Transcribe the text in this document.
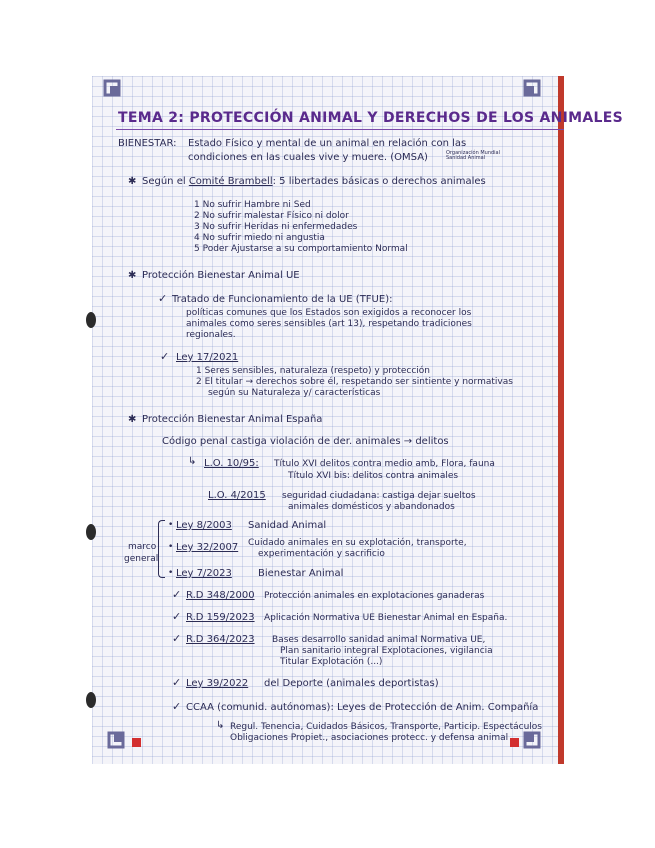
TEMA 2: PROTECCIÓN ANIMAL Y DERECHOS DE LOS ANIMALES
BIENESTAR: Estado Físico y mental de un animal en relación con las
condiciones en las cuales vive y muere. (OMSA)	Organización Mundial Sanidad Animal
✱ Según el Comité Brambell: 5 libertades básicas o derechos animales
1 No sufrir Hambre ni Sed
2 No sufrir malestar Físico ni dolor
3 No sufrir Heridas ni enfermedades
4 No sufrir miedo ni angustia
5 Poder Ajustarse a su comportamiento Normal
✱ Protección Bienestar Animal UE
✓ Tratado de Funcionamiento de la UE (TFUE):
políticas comunes que los Estados son exigidos a reconocer los
animales como seres sensibles (art 13), respetando tradiciones
regionales.
✓ Ley 17/2021
1 Seres sensibles, naturaleza (respeto) y protección
2 El titular → derechos sobre él, respetando ser sintiente y normativas
según su Naturaleza y/ características
✱ Protección Bienestar Animal España
Código penal castiga violación de der. animales → delitos
↳ L.O. 10/95: Título XVI delitos contra medio amb, Flora, fauna
Título XVI bis: delitos contra animales
L.O. 4/2015 seguridad ciudadana: castiga dejar sueltos
animales domésticos y abandonados
marco
general
• Ley 8/2003 Sanidad Animal
• Ley 32/2007 Cuidado animales en su explotación, transporte,
experimentación y sacrificio
• Ley 7/2023	Bienestar Animal
✓ R.D 348/2000 Protección animales en explotaciones ganaderas
✓ R.D 159/2023 Aplicación Normativa UE Bienestar Animal en España.
✓ R.D 364/2023 Bases desarrollo sanidad animal Normativa UE,
Plan sanitario integral Explotaciones, vigilancia
Titular Explotación (...)
✓ Ley 39/2022 del Deporte (animales deportistas)
✓ CCAA (comunid. autónomas): Leyes de Protección de Anim. Compañía
↳ Regul. Tenencia, Cuidados Básicos, Transporte, Particip. Espectáculos
Obligaciones Propiet., asociaciones protecc. y defensa animal
